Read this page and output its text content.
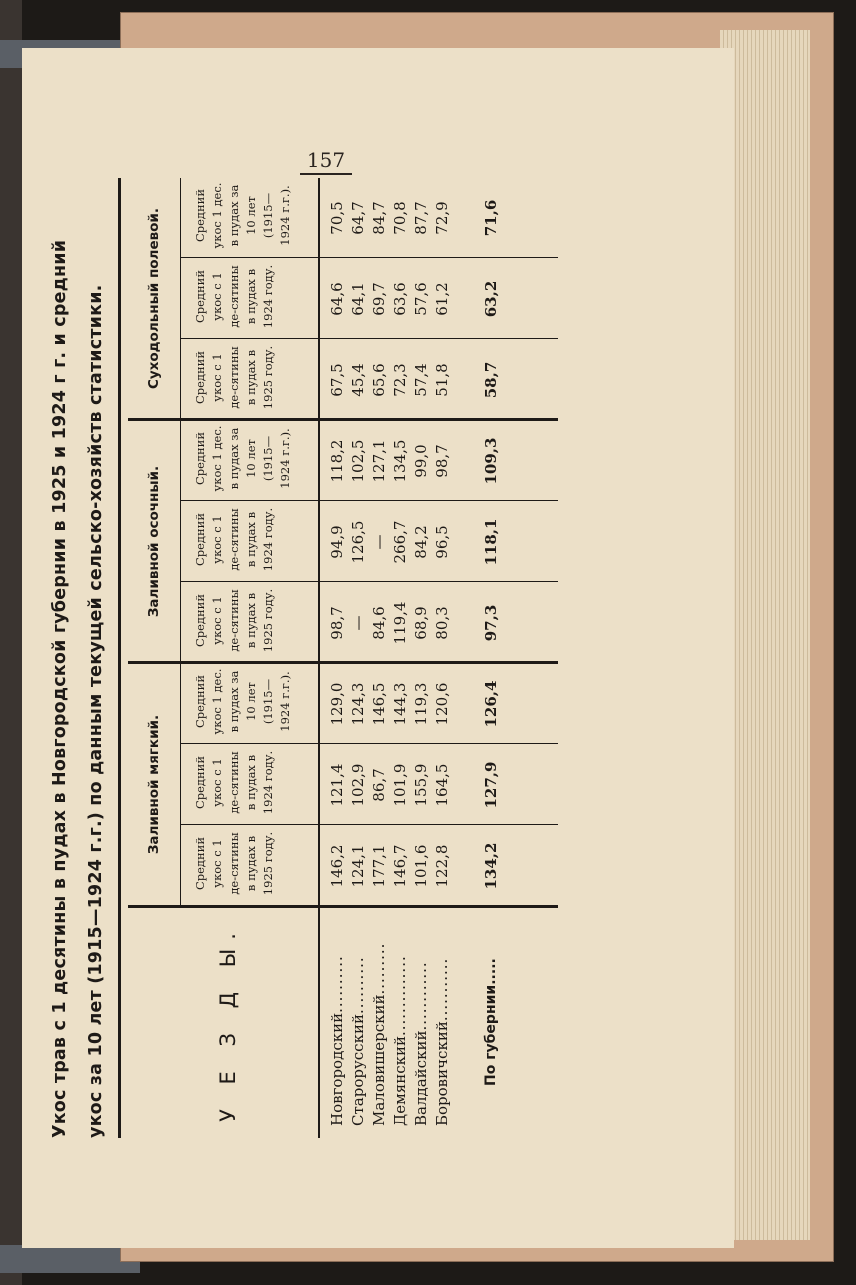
157
Укос трав с 1 десятины в пудах в Новгородской губернии в 1925 и 1924 г г. и средний укос за 10 лет (1915—1924 г.г.) по данным текущей сельско-хозяйств статистики.	У Е З Д Ы.
Заливной мягкий.
Заливной осочный.
Суходольный полевой.
Средний укос с 1 де-сятины в пудах в 1925 году.
Средний укос с 1 де-сятины в пудах в 1924 году.
Средний укос 1 дес. в пудах за 10 лет (1915—1924 г.г.).
Средний укос с 1 де-сятины в пудах в 1925 году.
Средний укос с 1 де-сятины в пудах в 1924 году.
Средний укос 1 дес. в пудах за 10 лет (1915—1924 г.г.).
Средний укос с 1 де-сятины в пудах в 1925 году.
Средний укос с 1 де-сятины в пудах в 1924 году.
Средний укос 1 дес. в пудах за 10 лет (1915—1924 г.г.).
Новгородский..........
146,2
121,4
129,0
98,7
94,9
118,2
67,5
64,6
70,5
Старорусский..........
124,1
102,9
124,3
—
126,5
102,5
45,4
64,1
64,7
Маловишерский.........
177,1
86,7
146,5
84,6
—
127,1
65,6
69,7
84,7
Демянский..............
146,7
101,9
144,3
119,4
266,7
134,5
72,3
63,6
70,8
Валдайский............
101,6
155,9
119,3
68,9
84,2
99,0
57,4
57,6
87,7
Боровичский...........
122,8
164,5
120,6
80,3
96,5
98,7
51,8
61,2
72,9
По губернии.....
134,2
127,9
126,4
97,3
118,1
109,3
58,7
63,2
71,6
